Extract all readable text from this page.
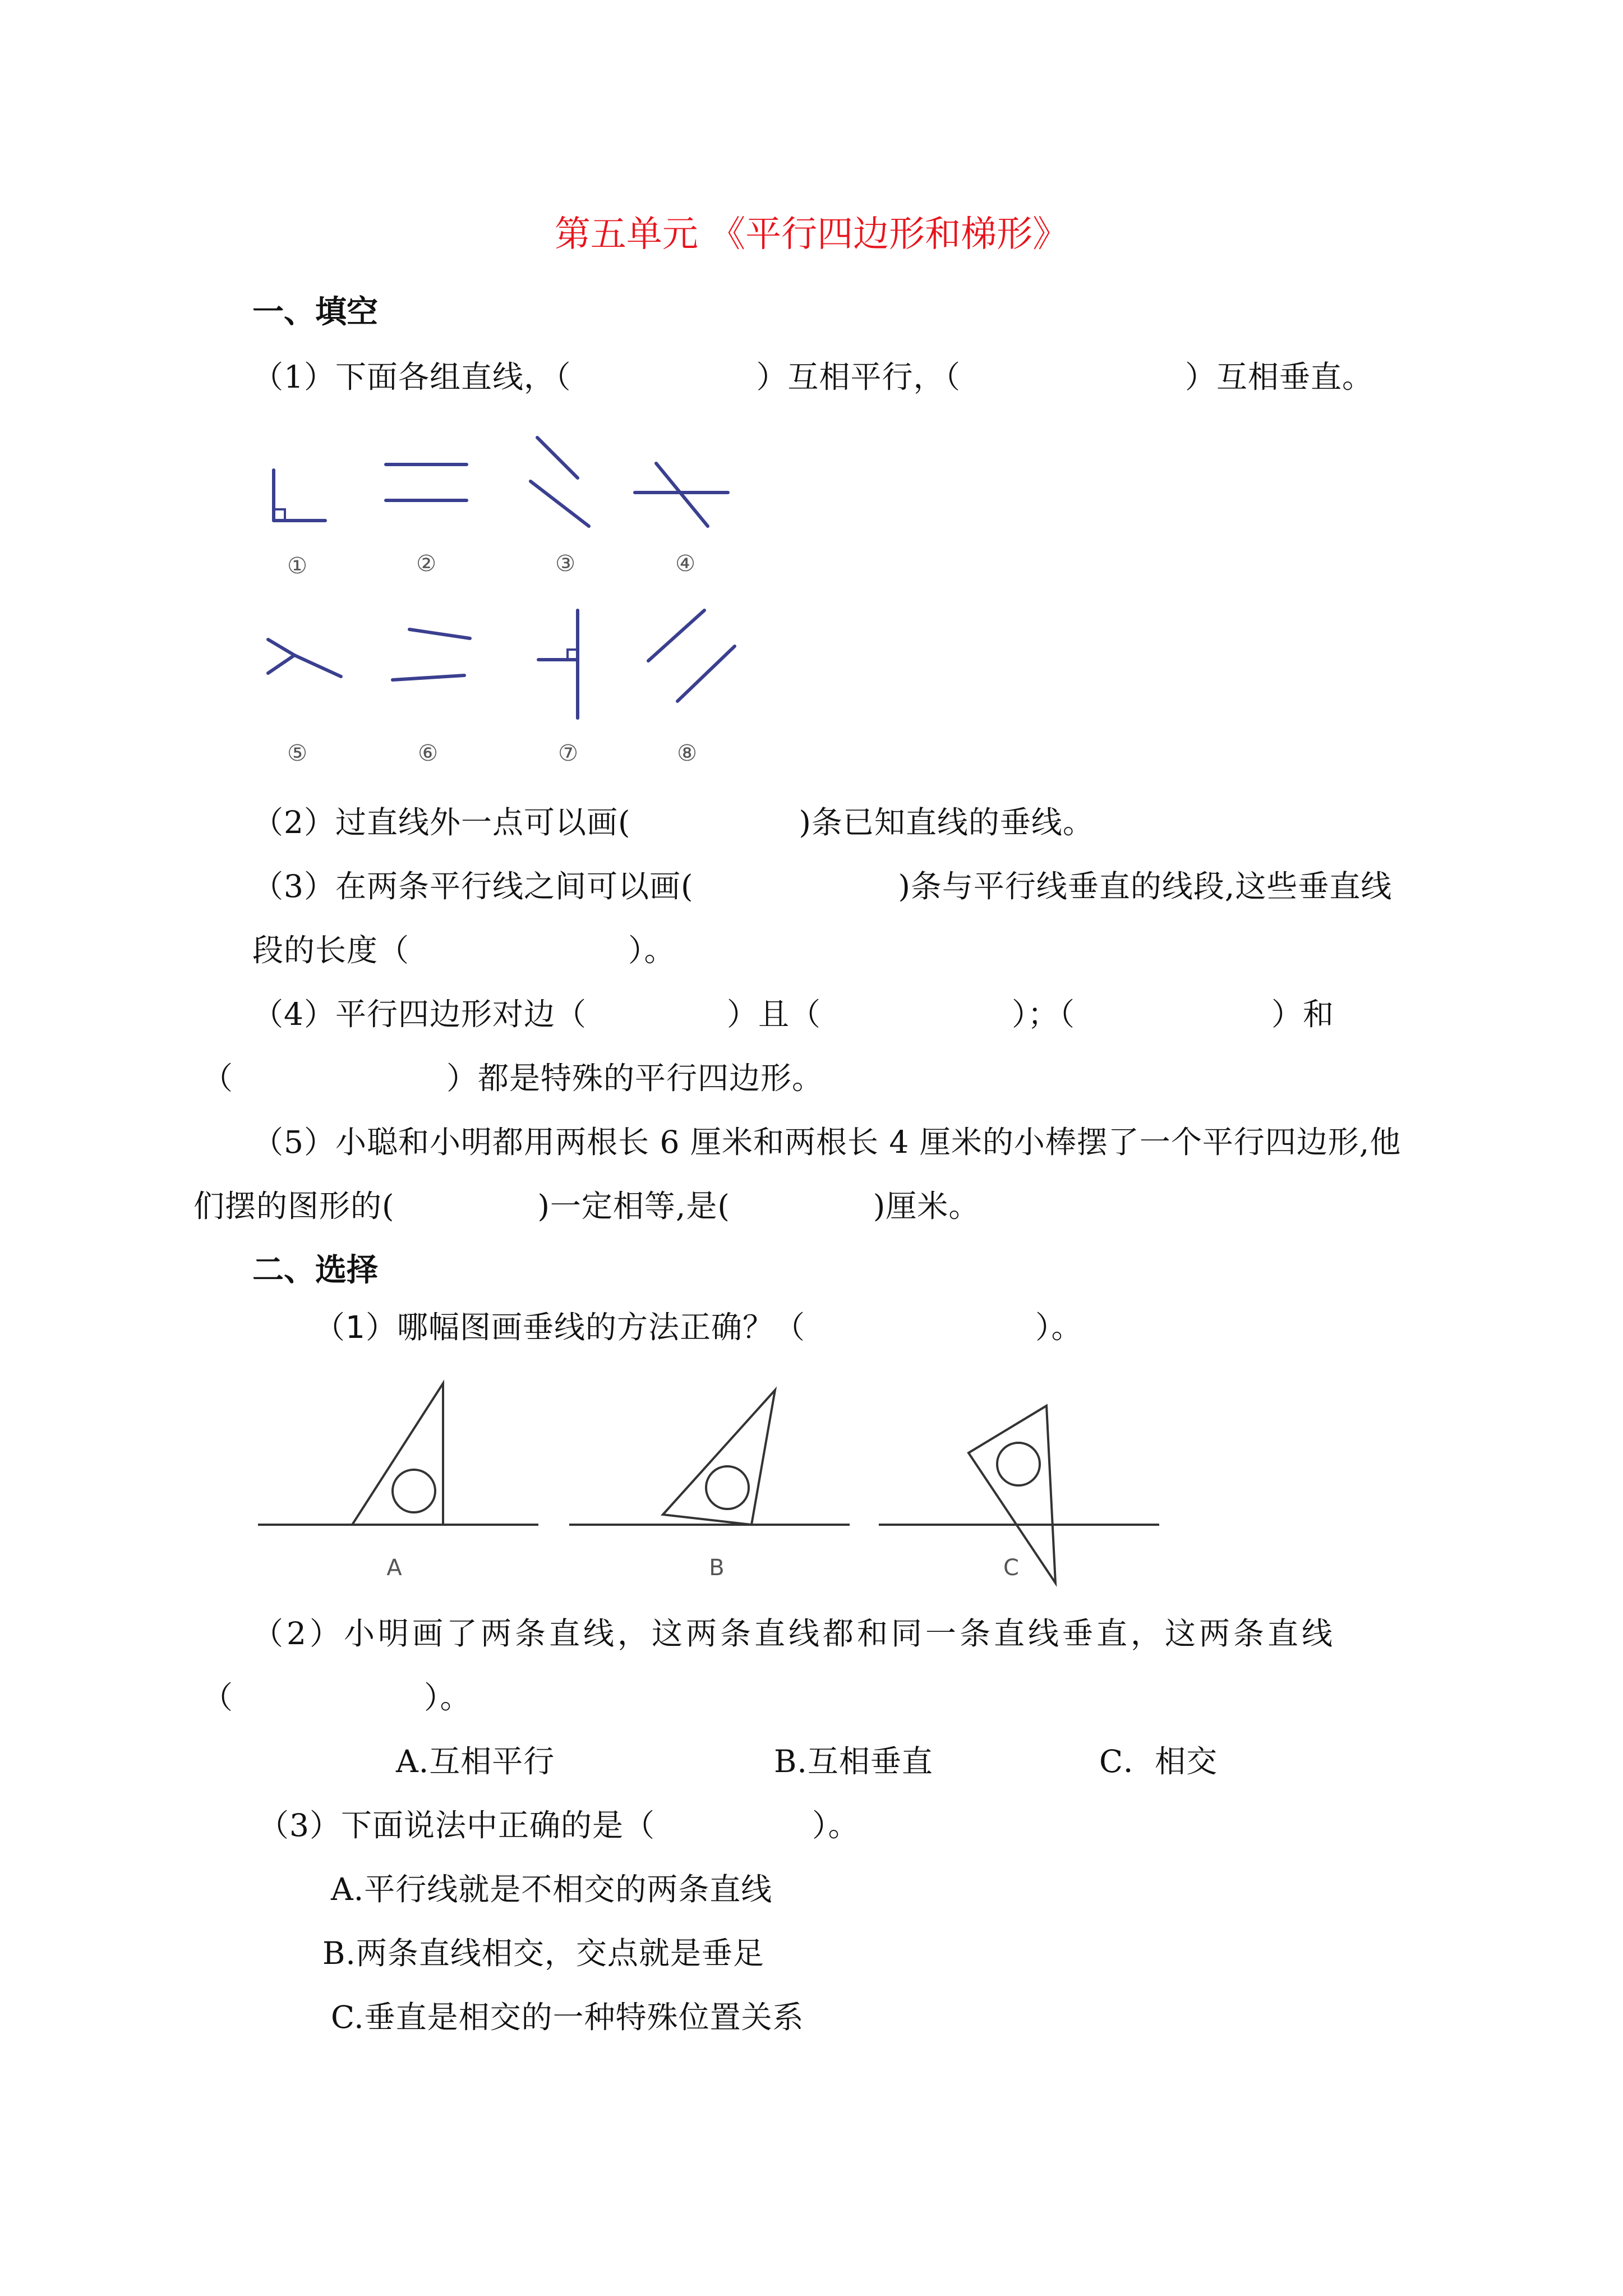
第五单元 《平行四边形和梯形》
一、填空
（1）下面各组直线，（	）互相平行，（	）互相垂直。
①	②	③	④
⑤	⑥	⑦	⑧
（2）过直线外一点可以画(	)条已知直线的垂线。
（3）在两条平行线之间可以画(	)条与平行线垂直的线段,这些垂直线
段的长度（	）。
（4）平行四边形对边（	）且（	）；（	）和
（	）都是特殊的平行四边形。
（5）小聪和小明都用两根长 6 厘米和两根长 4 厘米的小棒摆了一个平行四边形,他
们摆的图形的(	)一定相等,是(	)厘米。
二、选择
（1）哪幅图画垂线的方法正确？（	）。
A	B	C
（2）小明画了两条直线，这两条直线都和同一条直线垂直，这两条直线
（	）。
A.互相平行	B.互相垂直	C．相交
（3）下面说法中正确的是（	）。
A.平行线就是不相交的两条直线
B.两条直线相交，交点就是垂足
C.垂直是相交的一种特殊位置关系
